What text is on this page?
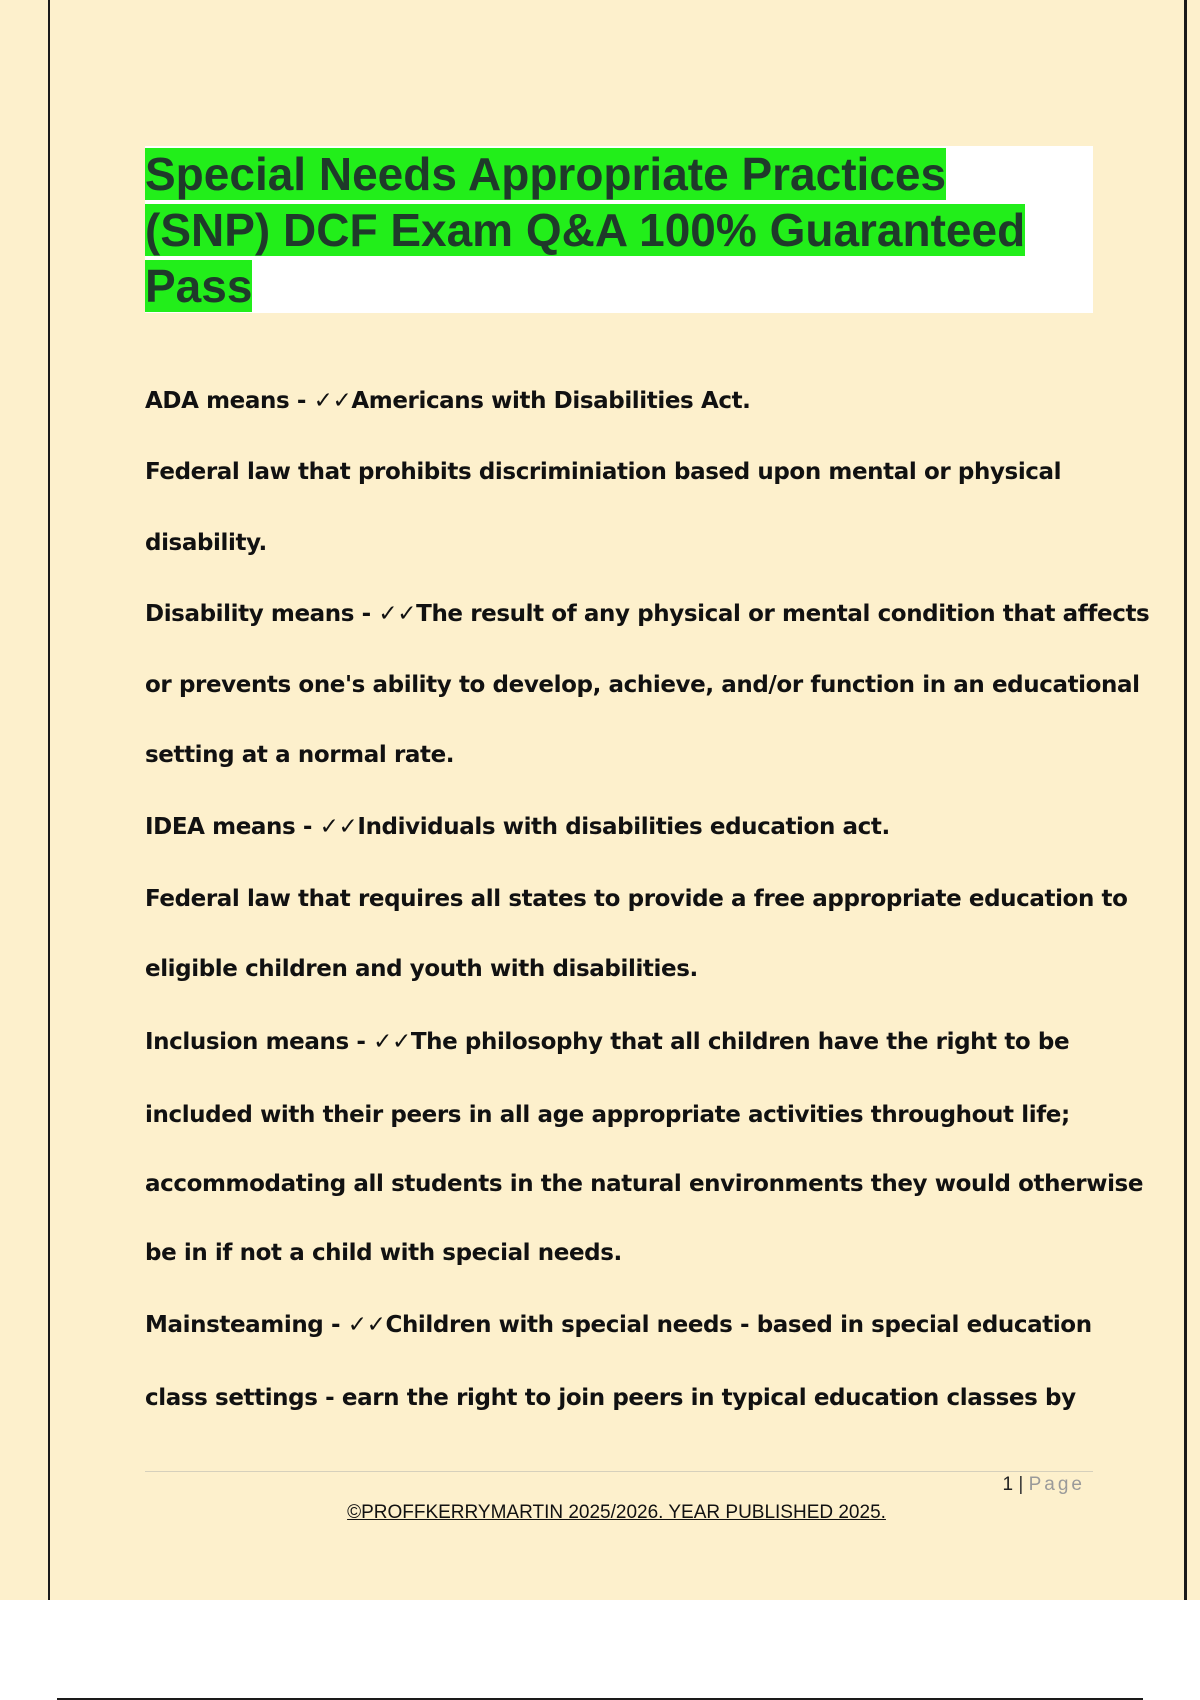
Special Needs Appropriate Practices
(SNP) DCF Exam Q&A 100% Guaranteed
Pass

ADA means - ✓✓Americans with Disabilities Act.

Federal law that prohibits discriminiation based upon mental or physical

disability.

Disability means - ✓✓The result of any physical or mental condition that affects

or prevents one's ability to develop, achieve, and/or function in an educational

setting at a normal rate.

IDEA means - ✓✓Individuals with disabilities education act.

Federal law that requires all states to provide a free appropriate education to

eligible children and youth with disabilities.

Inclusion means - ✓✓The philosophy that all children have the right to be

included with their peers in all age appropriate activities throughout life;

accommodating all students in the natural environments they would otherwise

be in if not a child with special needs.

Mainsteaming - ✓✓Children with special needs - based in special education

class settings - earn the right to join peers in typical education classes by

1 | Page
©PROFFKERRYMARTIN 2025/2026. YEAR PUBLISHED 2025.
